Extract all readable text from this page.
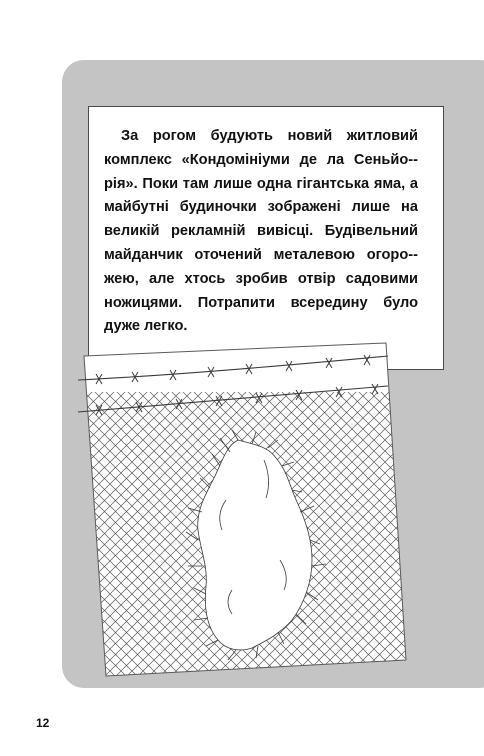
За рогом будують новий житловий комплекс «Кондомініуми де ла Сеньйо-рія». Поки там лише одна гігантська яма, а майбутні будиночки зображені лише на великій рекламній вивісці. Будівельний майданчик оточений металевою огоро-жею, але хтось зробив отвір садовими ножицями. Потрапити всередину було дуже легко.

12
